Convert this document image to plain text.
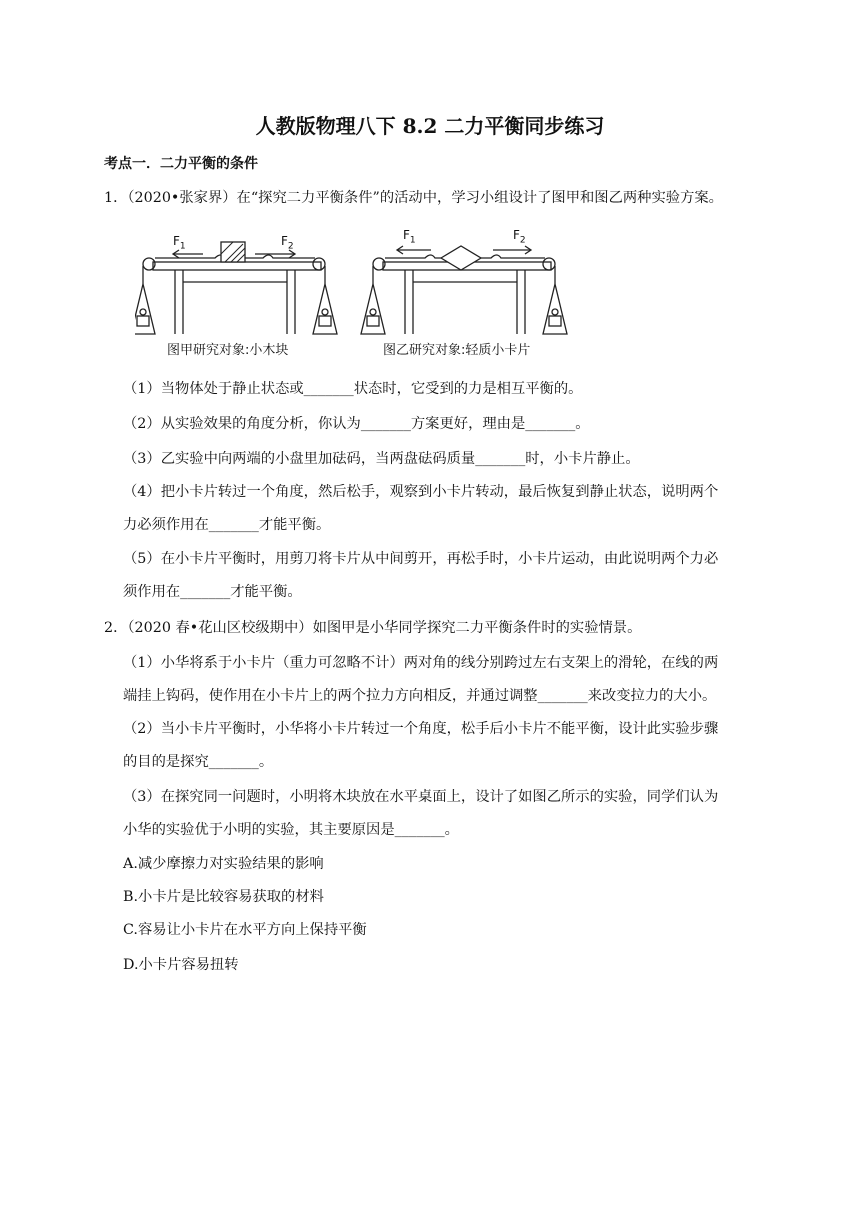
人教版物理八下 8.2 二力平衡同步练习
考点一．二力平衡的条件
1．（2020•张家界）在“探究二力平衡条件”的活动中，学习小组设计了图甲和图乙两种实验方案。
$F_1$	$F_2$
$F_1$	$F_2$
图甲研究对象:小木块	图乙研究对象:轻质小卡片
（1）当物体处于静止状态或_______状态时，它受到的力是相互平衡的。
（2）从实验效果的角度分析，你认为_______方案更好，理由是_______。
（3）乙实验中向两端的小盘里加砝码，当两盘砝码质量_______时，小卡片静止。
（4）把小卡片转过一个角度，然后松手，观察到小卡片转动，最后恢复到静止状态，说明两个
力必须作用在_______才能平衡。
（5）在小卡片平衡时，用剪刀将卡片从中间剪开，再松手时，小卡片运动，由此说明两个力必
须作用在_______才能平衡。
2．（2020 春•花山区校级期中）如图甲是小华同学探究二力平衡条件时的实验情景。
（1）小华将系于小卡片（重力可忽略不计）两对角的线分别跨过左右支架上的滑轮，在线的两
端挂上钩码，使作用在小卡片上的两个拉力方向相反，并通过调整_______来改变拉力的大小。
（2）当小卡片平衡时，小华将小卡片转过一个角度，松手后小卡片不能平衡，设计此实验步骤
的目的是探究_______。
（3）在探究同一问题时，小明将木块放在水平桌面上，设计了如图乙所示的实验，同学们认为
小华的实验优于小明的实验，其主要原因是_______。
A.减少摩擦力对实验结果的影响
B.小卡片是比较容易获取的材料
C.容易让小卡片在水平方向上保持平衡
D.小卡片容易扭转
